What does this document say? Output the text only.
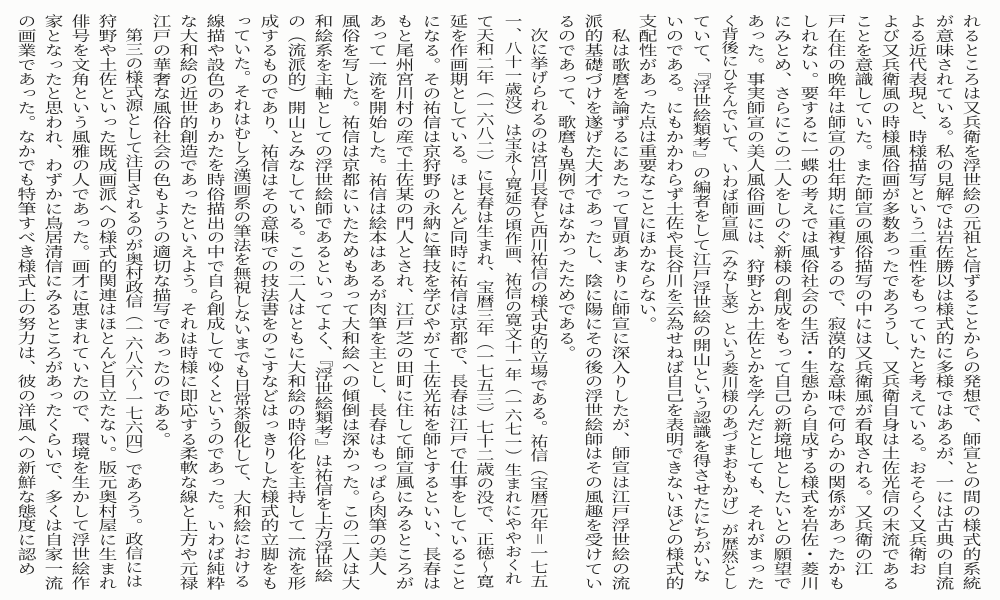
れるところは又兵衛を浮世絵の元祖と信ずることからの発想で、師宣との間の様式的系統
が意味されている。私の見解では岩佐勝以は様式的に多様ではあるが、一には古典の自流
よる近代表現と、時様描写という二重性をもっていたと考えている。おそらく又兵衛お
よび又兵衛風の時様風俗画が多数あったであろうし、又兵衛自身は土佐光信の末流である
ことを意識していた。また師宣の風俗描写の中には又兵衛風が看取される。又兵衛の江
戸在住の晩年は師宣の壮年期に重複するので、寂漠的な意味で何らかの関係があったかも
しれない。要するに一蝶の考えでは風俗社会の生活・生態から自成する様式を岩佐・菱川
にみとめ、さらにこの二人をしのぐ新様の創成をもって自己の新境地としたいとの願望で
あった。事実師宣の美人風俗画には、狩野とか土佐とかを学んだとしても、それがまった
く背後にひそんでいて、いわば師宣風（みなし菜）という菱川様のあづまおもかげ）が歴然とし
ていて、『浮世絵類考』の編者をして江戸浮世絵の開山という認識を得させたにちがいな
いのである。にもかかわらず土佐や長谷川を云為せねば自己を表明できないほどの様式的
支配性があった点は重要なことにほかならない。
　私は歌麿を論ずるにあたって冒頭あまりに師宣に深入りしたが、師宣は江戸浮世絵の流
派的基礎づけを遂げた大才であったし、陰に陽にその後の浮世絵師はその風趣を受けてい
るのであって、歌麿も異例ではなかったためである。
　次に挙げられるのは宮川長春と西川祐信の様式史的立場である。祐信（宝暦元年＝一七五
一、八十一歳没）は宝永～寛延の頃作画、祐信の寛文十一年（一六七一）生まれにややおくれ
て天和二年（一六八二）に長春は生まれ、宝暦三年（一七五三）七十二歳の没で、正徳～寛
延を作画期としている。ほとんど同時に祐信は京都で、長春は江戸で仕事をしていること
になる。その祐信は京狩野の永納に筆技を学びやがて土佐光祐を師とするといい、長春は
もと尾州宮川村の産で土佐某の門人とされ、江戸芝の田町に住して師宣風にみるところが
あって一流を開始した。祐信は絵本はあるが肉筆を主とし、長春はもっぱら肉筆の美人
風俗を写した。祐信は京都にいたためもあって大和絵への傾倒は深かった。この二人は大
和絵系を主軸としての浮世絵師であるといってよく、『浮世絵類考』は祐信を上方浮世絵
の（流派的）開山とみなしている。この二人はともに大和絵の時俗化を主持して一流を形
成するものであり、祐信はその意味での技法書をのこすなどはっきりした様式的立脚をも
っていた。それはむしろ漢画系の筆法を無視しないまでも日常茶飯化して、大和絵における
線描や設色のありかたを時俗描出の中で自ら創成してゆくというのであった。いわば純粋
な大和絵の近世的創造であったといえよう。それは時様に即応する柔軟な線と上方や元禄
江戸の華奢な風俗社会の色もようの適切な描写であったのである。
　第三の様式源として注目されるのが奥村政信（一六八六～一七六四）であろう。政信には
狩野や土佐といった既成画派への様式的関連はほとんど目立たない。版元奥村屋に生まれ
俳号を文角という風雅の人であった。画才に恵まれていたので、環境を生かして浮世絵作
家となったと思われ、わずかに鳥居清信にみるところがあったくらいで、多くは自家一流
の画業であった。なかでも特筆すべき様式上の努力は、彼の洋風への新鮮な態度に認め
